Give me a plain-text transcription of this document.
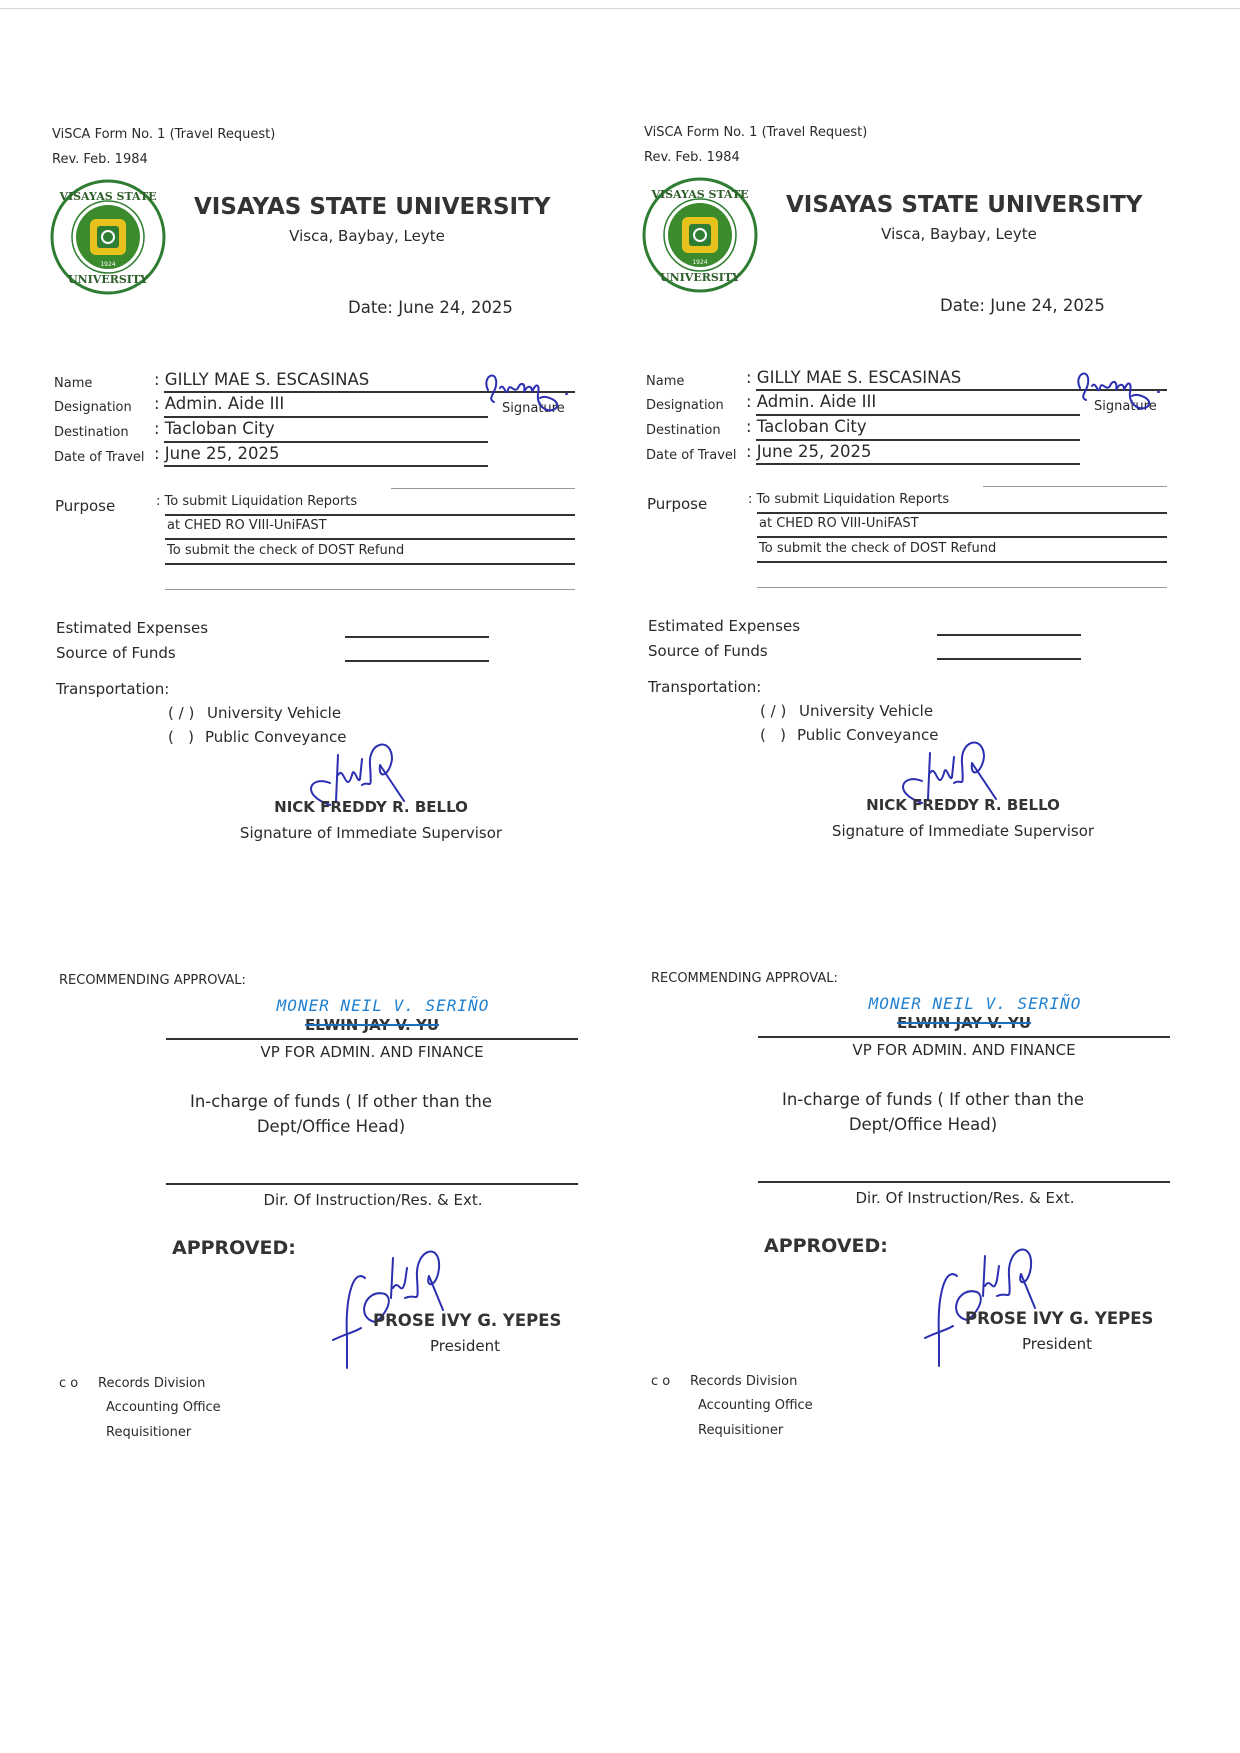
ViSCA Form No. 1 (Travel Request)
Rev. Feb. 1984
VISAYAS STATE
UNIVERSITY
1924
VISAYAS STATE UNIVERSITY
Visca, Baybay, Leyte
Date: June 24, 2025
Name	: GILLY MAE S. ESCASINAS
Designation : Admin. Aide III
Destination : Tacloban City
Date of Travel : June 25, 2025
Signature
Purpose	: To submit Liquidation Reports
at CHED RO VIII-UniFAST
To submit the check of DOST Refund
Estimated Expenses
Source of Funds
Transportation:
( / ) University Vehicle
(   ) Public Conveyance
NICK FREDDY R. BELLO
Signature of Immediate Supervisor
RECOMMENDING APPROVAL:
MONER NEIL V. SERIÑO
ELWIN JAY V. YU
VP FOR ADMIN. AND FINANCE
In-charge of funds ( If other than the
Dept/Office Head)
Dir. Of Instruction/Res. & Ext.
APPROVED:
PROSE IVY G. YEPES
President
c o Records Division
Accounting Office
Requisitioner
ViSCA Form No. 1 (Travel Request)
Rev. Feb. 1984
VISAYAS STATE
UNIVERSITY
1924
VISAYAS STATE UNIVERSITY
Visca, Baybay, Leyte
Date: June 24, 2025
Name	: GILLY MAE S. ESCASINAS
Designation : Admin. Aide III
Destination : Tacloban City
Date of Travel : June 25, 2025
Signature
Purpose	: To submit Liquidation Reports
at CHED RO VIII-UniFAST
To submit the check of DOST Refund
Estimated Expenses
Source of Funds
Transportation:
( / ) University Vehicle
(   ) Public Conveyance
NICK FREDDY R. BELLO
Signature of Immediate Supervisor
RECOMMENDING APPROVAL:
MONER NEIL V. SERIÑO
ELWIN JAY V. YU
VP FOR ADMIN. AND FINANCE
In-charge of funds ( If other than the
Dept/Office Head)
Dir. Of Instruction/Res. & Ext.
APPROVED:
PROSE IVY G. YEPES
President
c o Records Division
Accounting Office
Requisitioner
